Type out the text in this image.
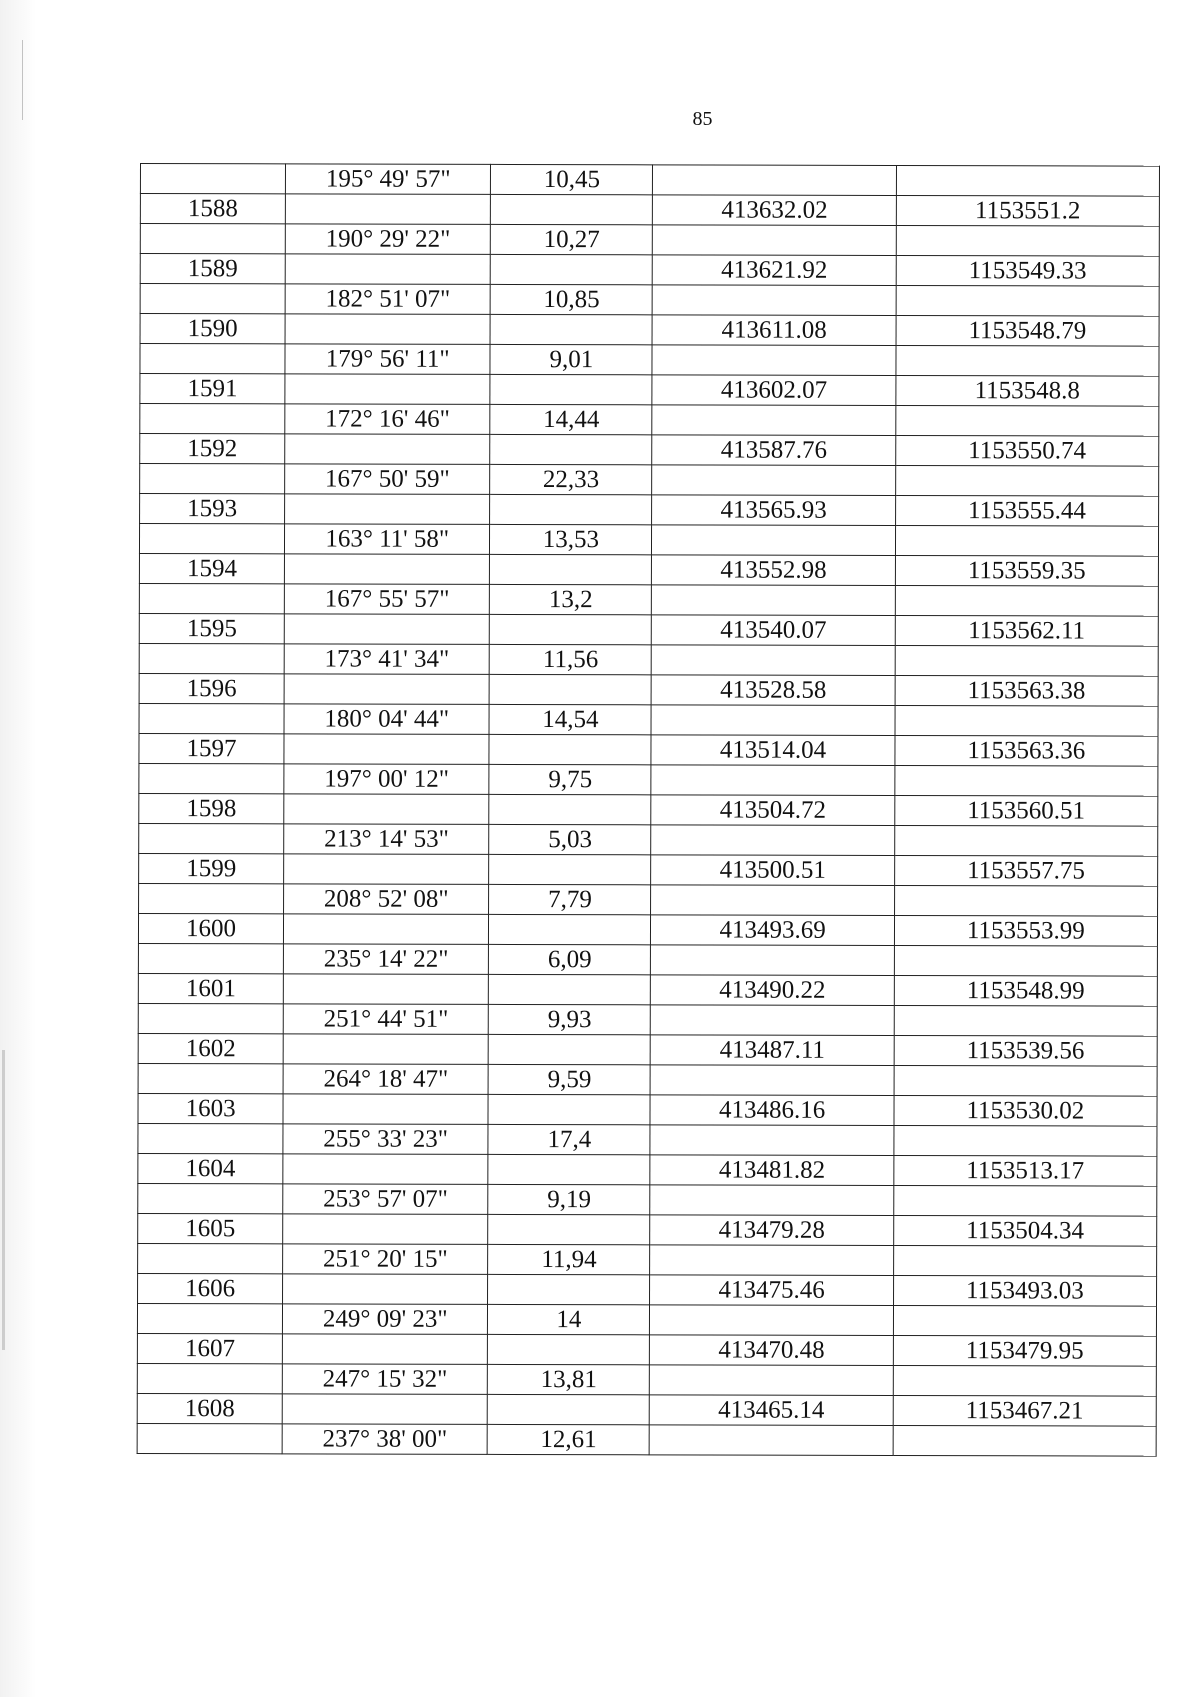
85
	195° 49' 57"	10,45		
1588			413632.02	1153551.2
	190° 29' 22"	10,27		
1589			413621.92	1153549.33
	182° 51' 07"	10,85		
1590			413611.08	1153548.79
	179° 56' 11"	9,01		
1591			413602.07	1153548.8
	172° 16' 46"	14,44		
1592			413587.76	1153550.74
	167° 50' 59"	22,33		
1593			413565.93	1153555.44
	163° 11' 58"	13,53		
1594			413552.98	1153559.35
	167° 55' 57"	13,2		
1595			413540.07	1153562.11
	173° 41' 34"	11,56		
1596			413528.58	1153563.38
	180° 04' 44"	14,54		
1597			413514.04	1153563.36
	197° 00' 12"	9,75		
1598			413504.72	1153560.51
	213° 14' 53"	5,03		
1599			413500.51	1153557.75
	208° 52' 08"	7,79		
1600			413493.69	1153553.99
	235° 14' 22"	6,09		
1601			413490.22	1153548.99
	251° 44' 51"	9,93		
1602			413487.11	1153539.56
	264° 18' 47"	9,59		
1603			413486.16	1153530.02
	255° 33' 23"	17,4		
1604			413481.82	1153513.17
	253° 57' 07"	9,19		
1605			413479.28	1153504.34
	251° 20' 15"	11,94		
1606			413475.46	1153493.03
	249° 09' 23"	14		
1607			413470.48	1153479.95
	247° 15' 32"	13,81		
1608			413465.14	1153467.21
	237° 38' 00"	12,61		
